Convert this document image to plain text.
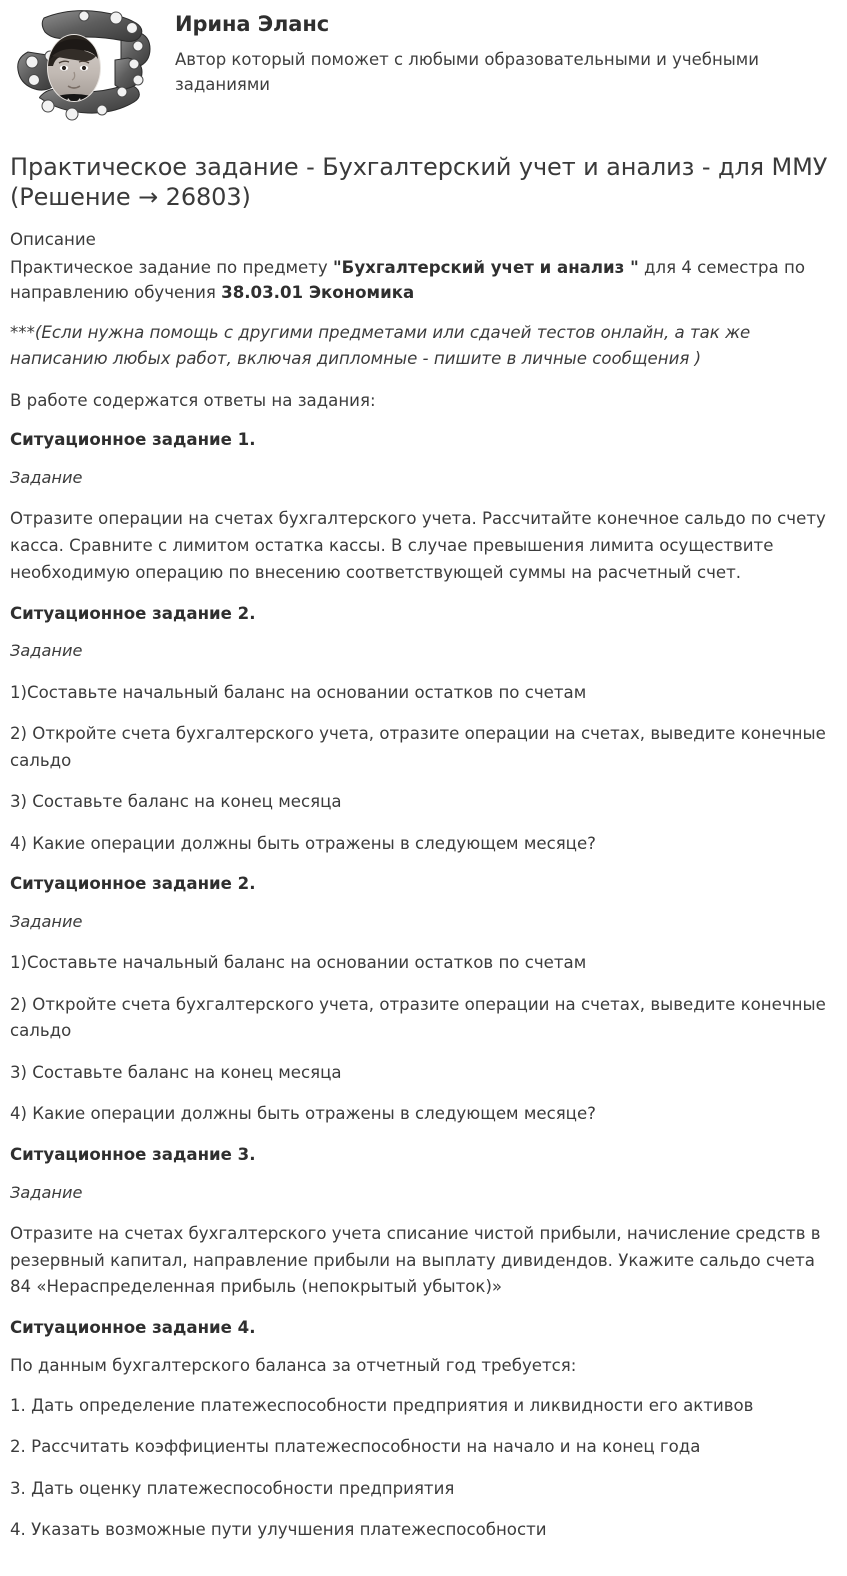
Ирина Эланс
Автор который поможет с любыми образовательными и учебными заданиями
Практическое задание - Бухгалтерский учет и анализ - для ММУ (Решение → 26803)

Описание

Практическое задание по предмету "Бухгалтерский учет и анализ " для 4 семестра по направлению обучения 38.03.01 Экономика

***(Если нужна помощь с другими предметами или сдачей тестов онлайн, а так же написанию любых работ, включая дипломные - пишите в личные сообщения )

В работе содержатся ответы на задания:

Ситуационное задание 1.

Задание

Отразите операции на счетах бухгалтерского учета. Рассчитайте конечное сальдо по счету касса. Сравните с лимитом остатка кассы. В случае превышения лимита осуществите необходимую операцию по внесению соответствующей суммы на расчетный счет.

Ситуационное задание 2.

Задание

1)Составьте начальный баланс на основании остатков по счетам

2) Откройте счета бухгалтерского учета, отразите операции на счетах, выведите конечные сальдо

3) Составьте баланс на конец месяца

4) Какие операции должны быть отражены в следующем месяце?

Ситуационное задание 2.

Задание

1)Составьте начальный баланс на основании остатков по счетам

2) Откройте счета бухгалтерского учета, отразите операции на счетах, выведите конечные сальдо

3) Составьте баланс на конец месяца

4) Какие операции должны быть отражены в следующем месяце?

Ситуационное задание 3.

Задание

Отразите на счетах бухгалтерского учета списание чистой прибыли, начисление средств в резервный капитал, направление прибыли на выплату дивидендов. Укажите сальдо счета 84 «Нераспределенная прибыль (непокрытый убыток)»

Ситуационное задание 4.

По данным бухгалтерского баланса за отчетный год требуется:

1. Дать определение платежеспособности предприятия и ликвидности его активов

2. Рассчитать коэффициенты платежеспособности на начало и на конец года

3. Дать оценку платежеспособности предприятия

4. Указать возможные пути улучшения платежеспособности
